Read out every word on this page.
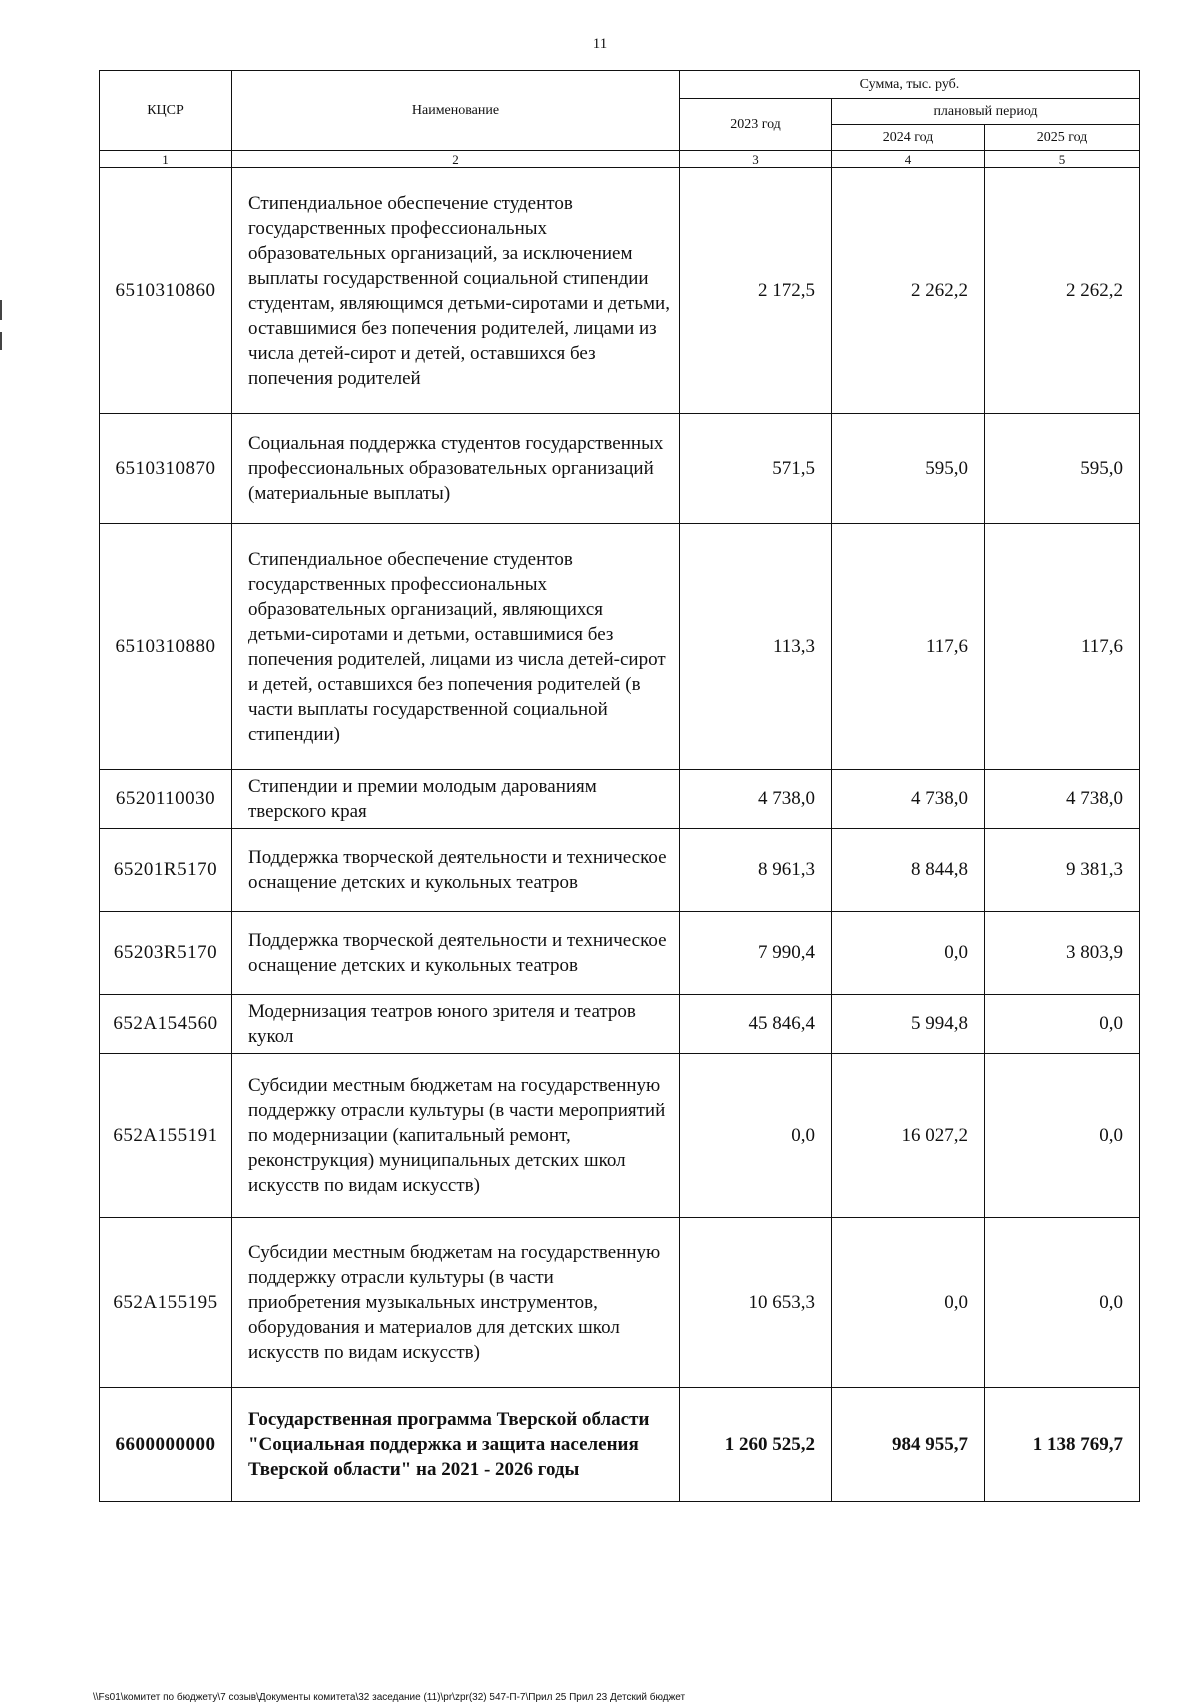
11
КЦСР	Наименование	Сумма, тыс. руб.		
		2023 год	плановый период	
			2024 год	2025 год
1	2	3	4	5
6510310860	Стипендиальное обеспечение студентов государственных профессиональных образовательных организаций, за исключением выплаты государственной социальной стипендии студентам, являющимся детьми-сиротами и детьми, оставшимися без попечения родителей, лицами из числа детей-сирот и детей, оставшихся без попечения родителей	2 172,5	2 262,2	2 262,2
6510310870	Социальная поддержка студентов государственных профессиональных образовательных организаций (материальные выплаты)	571,5	595,0	595,0
6510310880	Стипендиальное обеспечение студентов государственных профессиональных образовательных организаций, являющихся детьми-сиротами и детьми, оставшимися без попечения родителей, лицами из числа детей-сирот и детей, оставшихся без попечения родителей (в части выплаты государственной социальной стипендии)	113,3	117,6	117,6
6520110030	Стипендии и премии молодым дарованиям тверского края	4 738,0	4 738,0	4 738,0
65201R5170	Поддержка творческой деятельности и техническое оснащение детских и кукольных театров	8 961,3	8 844,8	9 381,3
65203R5170	Поддержка творческой деятельности и техническое оснащение детских и кукольных театров	7 990,4	0,0	3 803,9
652A154560	Модернизация театров юного зрителя и театров кукол	45 846,4	5 994,8	0,0
652A155191	Субсидии местным бюджетам на государственную поддержку отрасли культуры (в части мероприятий по модернизации (капитальный ремонт, реконструкция) муниципальных детских школ искусств по видам искусств)	0,0	16 027,2	0,0
652A155195	Субсидии местным бюджетам на государственную поддержку отрасли культуры (в части приобретения музыкальных инструментов, оборудования и материалов для детских школ искусств по видам искусств)	10 653,3	0,0	0,0
6600000000	Государственная программа Тверской области "Социальная поддержка и защита населения Тверской области" на 2021 - 2026 годы	1 260 525,2	984 955,7	1 138 769,7
\\Fs01\комитет по бюджету\7 созыв\Документы комитета\32 заседание (11)\pr\zpr(32) 547-П-7\Прил 25 Прил 23 Детский бюджет
